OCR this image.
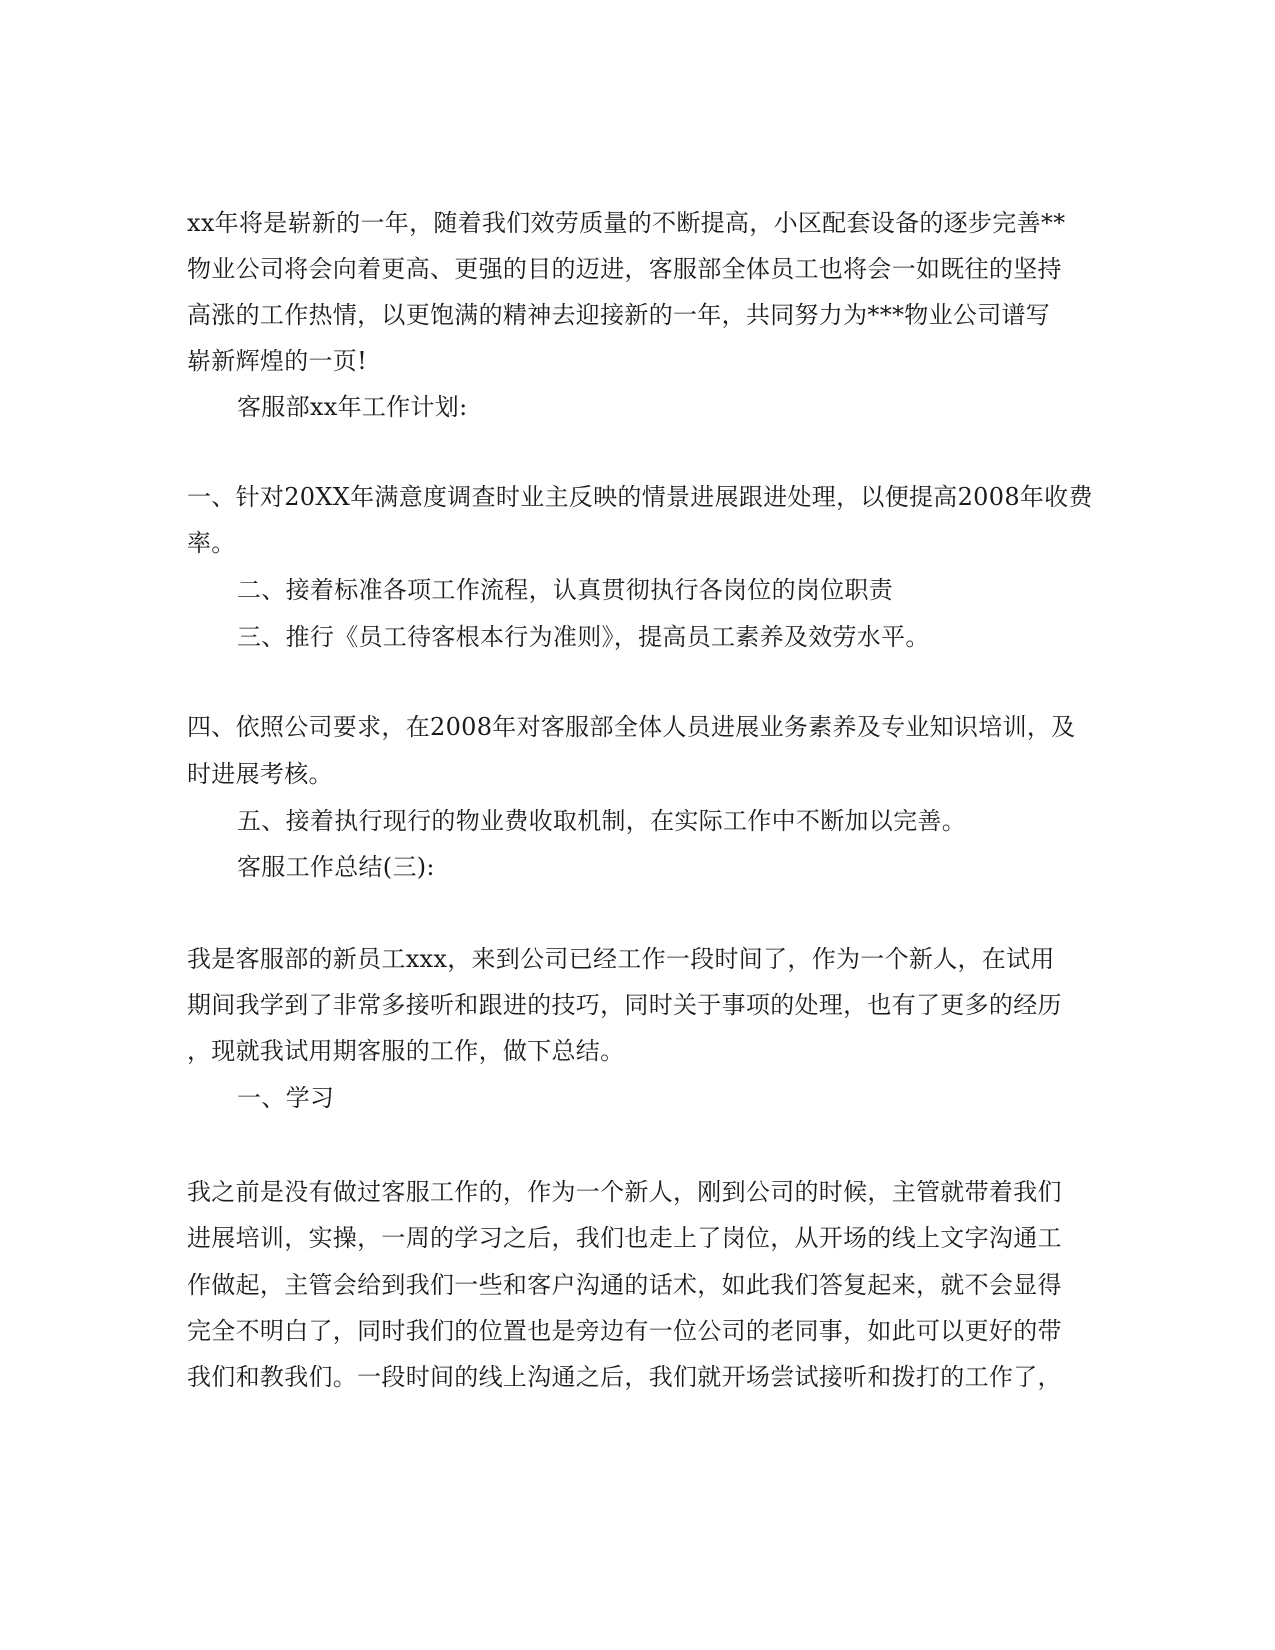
xx年将是崭新的一年，随着我们效劳质量的不断提高，小区配套设备的逐步完善**
物业公司将会向着更高、更强的目的迈进，客服部全体员工也将会一如既往的坚持
高涨的工作热情，以更饱满的精神去迎接新的一年，共同努力为***物业公司谱写
崭新辉煌的一页!
客服部xx年工作计划:
一、针对20XX年满意度调查时业主反映的情景进展跟进处理，以便提高2008年收费
率。
二、接着标准各项工作流程，认真贯彻执行各岗位的岗位职责
三、推行《员工待客根本行为准则》，提高员工素养及效劳水平。
四、依照公司要求，在2008年对客服部全体人员进展业务素养及专业知识培训，及
时进展考核。
五、接着执行现行的物业费收取机制，在实际工作中不断加以完善。
客服工作总结(三):
我是客服部的新员工xxx，来到公司已经工作一段时间了，作为一个新人，在试用
期间我学到了非常多接听和跟进的技巧，同时关于事项的处理，也有了更多的经历
，现就我试用期客服的工作，做下总结。
一、学习
我之前是没有做过客服工作的，作为一个新人，刚到公司的时候，主管就带着我们
进展培训，实操，一周的学习之后，我们也走上了岗位，从开场的线上文字沟通工
作做起，主管会给到我们一些和客户沟通的话术，如此我们答复起来，就不会显得
完全不明白了，同时我们的位置也是旁边有一位公司的老同事，如此可以更好的带
我们和教我们。一段时间的线上沟通之后，我们就开场尝试接听和拨打的工作了，
